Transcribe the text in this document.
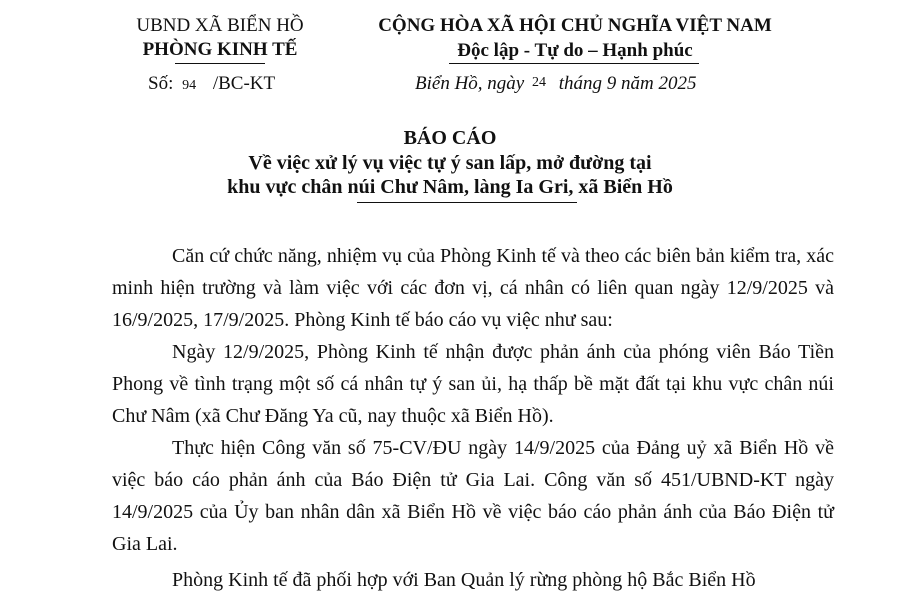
UBND XÃ BIỂN HỒ
PHÒNG KINH TẾ
Số: 94 /BC-KT
CỘNG HÒA XÃ HỘI CHỦ NGHĨA VIỆT NAM
Độc lập - Tự do – Hạnh phúc
Biển Hồ, ngày 24 tháng 9 năm 2025
BÁO CÁO
Về việc xử lý vụ việc tự ý san lấp, mở đường tại
khu vực chân núi Chư Nâm, làng Ia Gri, xã Biển Hồ

Căn cứ chức năng, nhiệm vụ của Phòng Kinh tế và theo các biên bản kiểm tra, xác minh hiện trường và làm việc với các đơn vị, cá nhân có liên quan ngày 12/9/2025 và 16/9/2025, 17/9/2025. Phòng Kinh tế báo cáo vụ việc như sau:

Ngày 12/9/2025, Phòng Kinh tế nhận được phản ánh của phóng viên Báo Tiền Phong về tình trạng một số cá nhân tự ý san ủi, hạ thấp bề mặt đất tại khu vực chân núi Chư Nâm (xã Chư Đăng Ya cũ, nay thuộc xã Biển Hồ).

Thực hiện Công văn số 75-CV/ĐU ngày 14/9/2025 của Đảng uỷ xã Biển Hồ về việc báo cáo phản ánh của Báo Điện tử Gia Lai. Công văn số 451/UBND-KT ngày 14/9/2025 của Ủy ban nhân dân xã Biển Hồ về việc báo cáo phản ánh của Báo Điện tử Gia Lai.

Phòng Kinh tế đã phối hợp với Ban Quản lý rừng phòng hộ Bắc Biển Hồ
